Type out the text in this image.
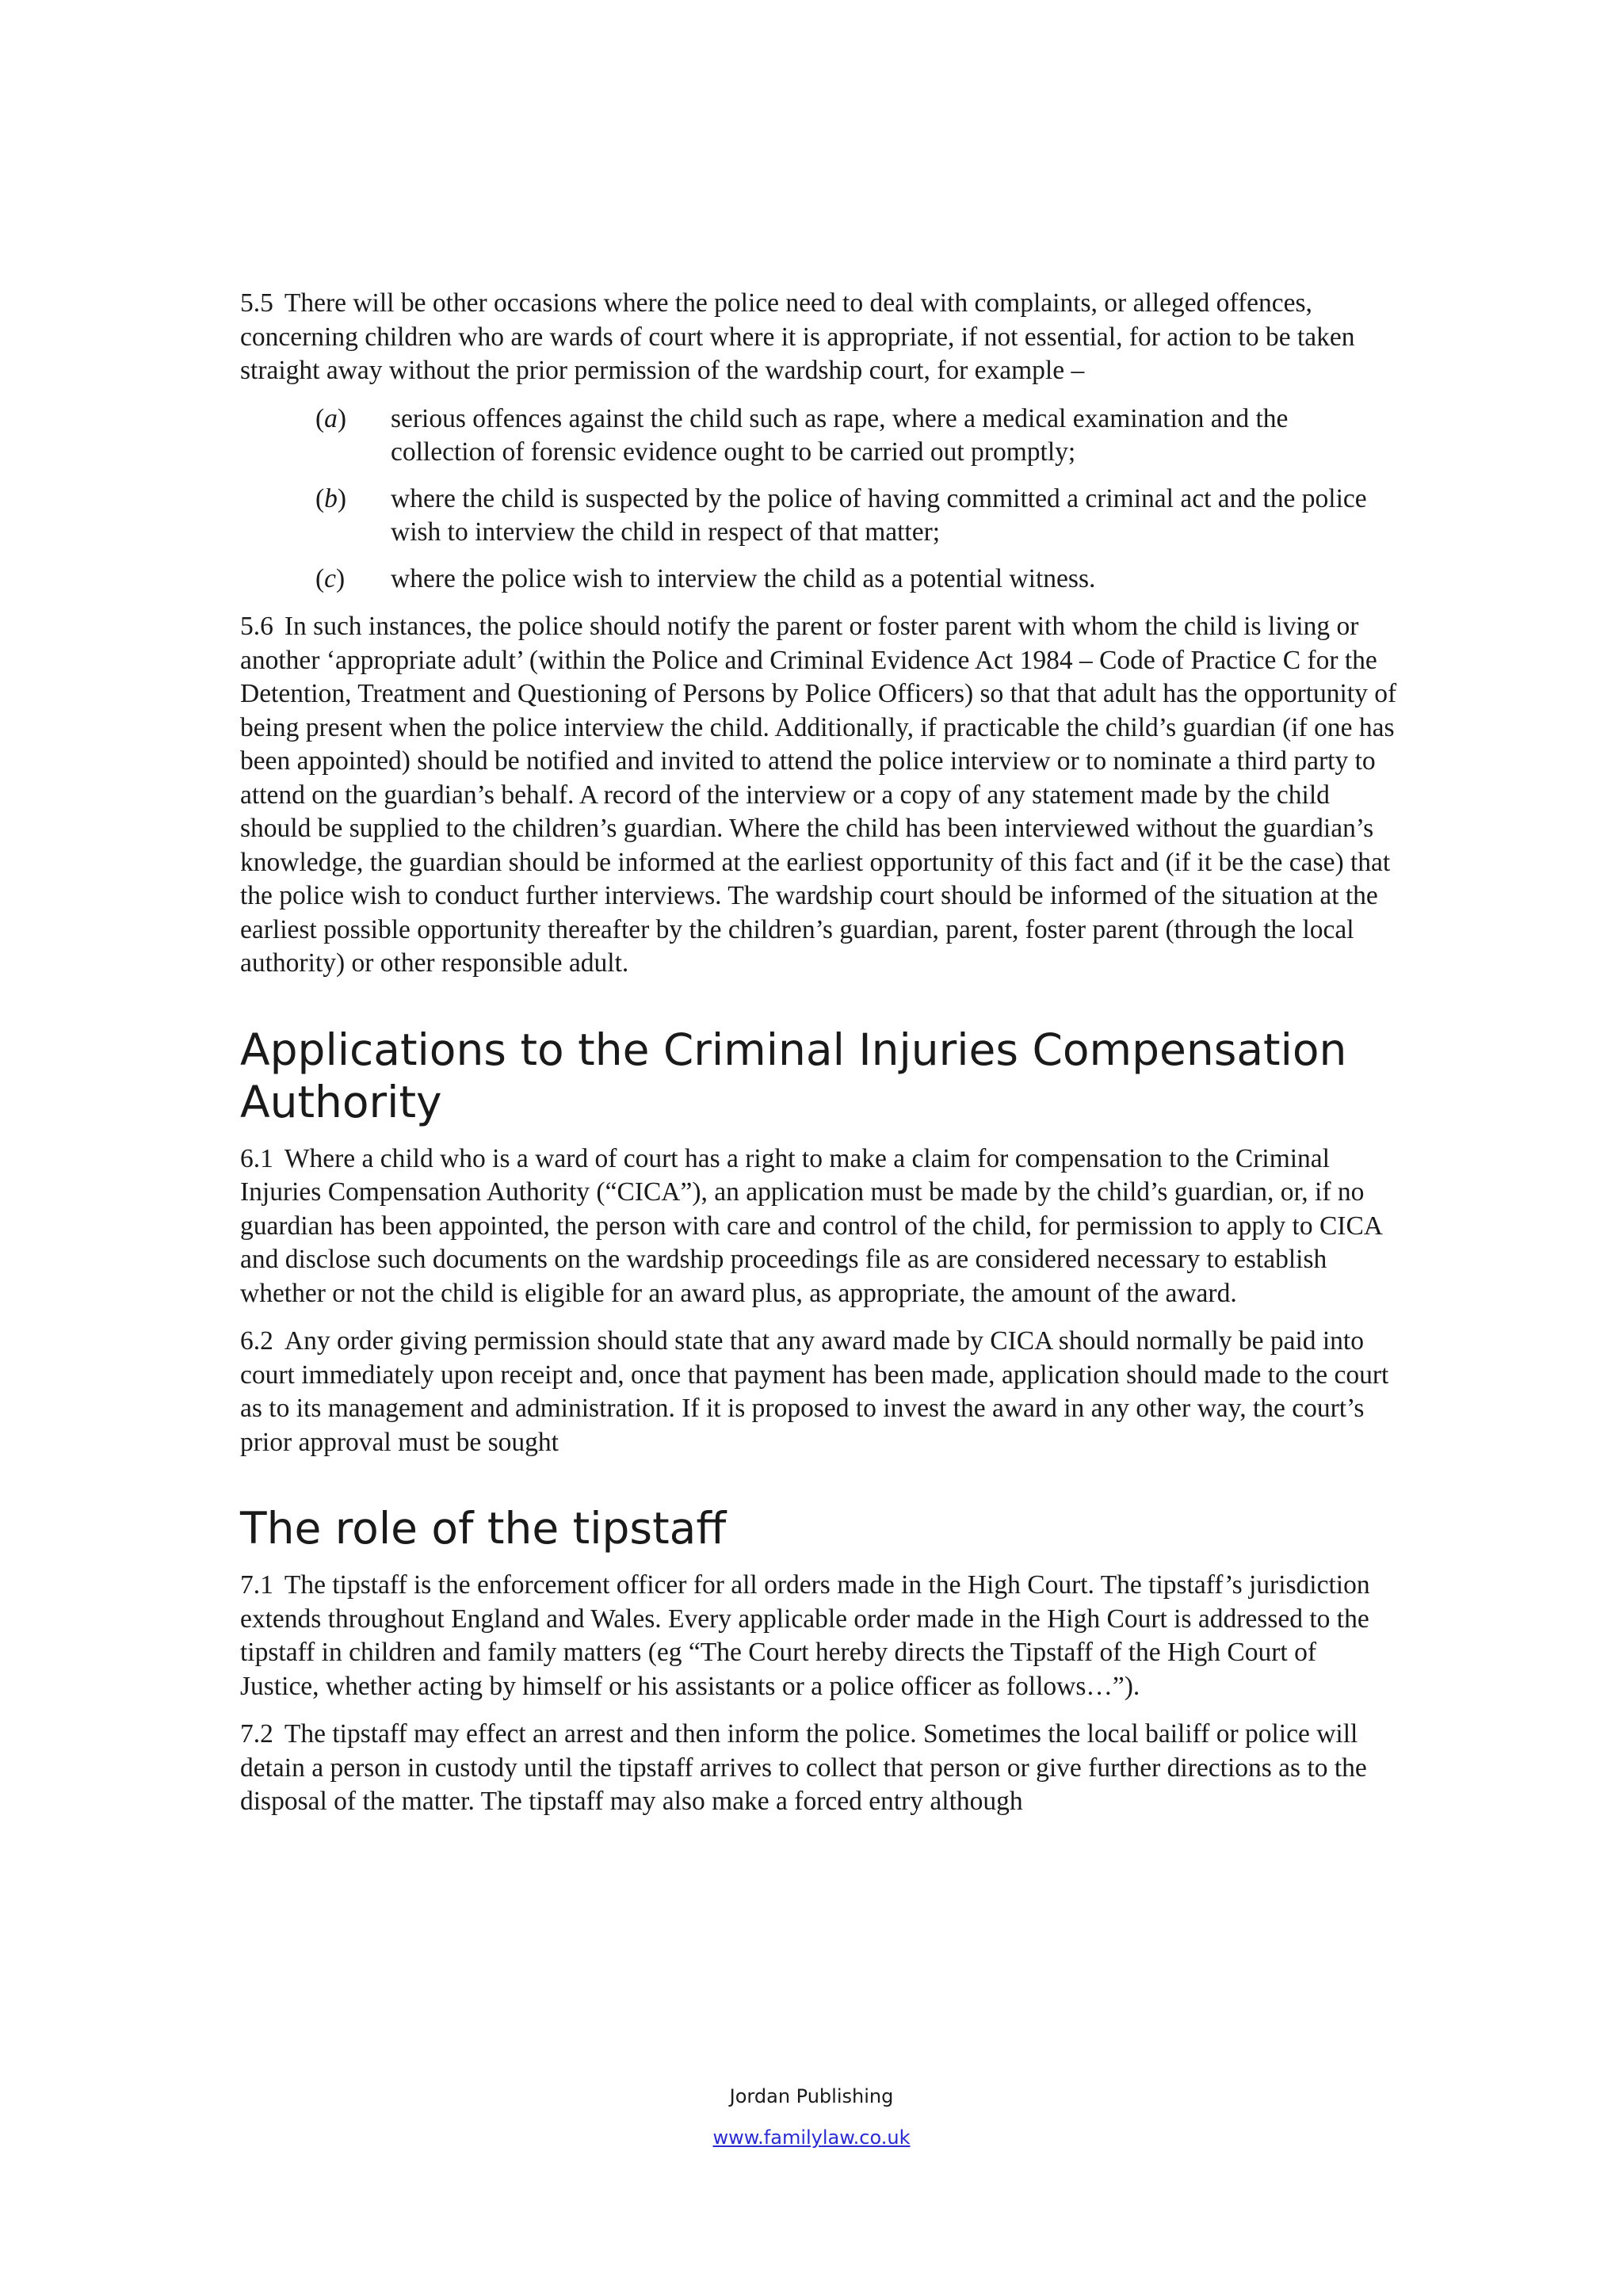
5.5 There will be other occasions where the police need to deal with complaints, or alleged offences, concerning children who are wards of court where it is appropriate, if not essential, for action to be taken straight away without the prior permission of the wardship court, for example –

(a)	serious offences against the child such as rape, where a medical examination and the collection of forensic evidence ought to be carried out promptly;
(b)	where the child is suspected by the police of having committed a criminal act and the police wish to interview the child in respect of that matter;
(c)	where the police wish to interview the child as a potential witness.

5.6 In such instances, the police should notify the parent or foster parent with whom the child is living or another ‘appropriate adult’ (within the Police and Criminal Evidence Act 1984 – Code of Practice C for the Detention, Treatment and Questioning of Persons by Police Officers) so that that adult has the opportunity of being present when the police interview the child. Additionally, if practicable the child’s guardian (if one has been appointed) should be notified and invited to attend the police interview or to nominate a third party to attend on the guardian’s behalf. A record of the interview or a copy of any statement made by the child should be supplied to the children’s guardian. Where the child has been interviewed without the guardian’s knowledge, the guardian should be informed at the earliest opportunity of this fact and (if it be the case) that the police wish to conduct further interviews. The wardship court should be informed of the situation at the earliest possible opportunity thereafter by the children’s guardian, parent, foster parent (through the local authority) or other responsible adult.

Applications to the Criminal Injuries Compensation Authority

6.1 Where a child who is a ward of court has a right to make a claim for compensation to the Criminal Injuries Compensation Authority (“CICA”), an application must be made by the child’s guardian, or, if no guardian has been appointed, the person with care and control of the child, for permission to apply to CICA and disclose such documents on the wardship proceedings file as are considered necessary to establish whether or not the child is eligible for an award plus, as appropriate, the amount of the award.

6.2 Any order giving permission should state that any award made by CICA should normally be paid into court immediately upon receipt and, once that payment has been made, application should made to the court as to its management and administration. If it is proposed to invest the award in any other way, the court’s prior approval must be sought

The role of the tipstaff

7.1 The tipstaff is the enforcement officer for all orders made in the High Court. The tipstaff’s jurisdiction extends throughout England and Wales. Every applicable order made in the High Court is addressed to the tipstaff in children and family matters (eg “The Court hereby directs the Tipstaff of the High Court of Justice, whether acting by himself or his assistants or a police officer as follows…”).

7.2 The tipstaff may effect an arrest and then inform the police. Sometimes the local bailiff or police will detain a person in custody until the tipstaff arrives to collect that person or give further directions as to the disposal of the matter. The tipstaff may also make a forced entry although

Jordan Publishing
www.familylaw.co.uk
